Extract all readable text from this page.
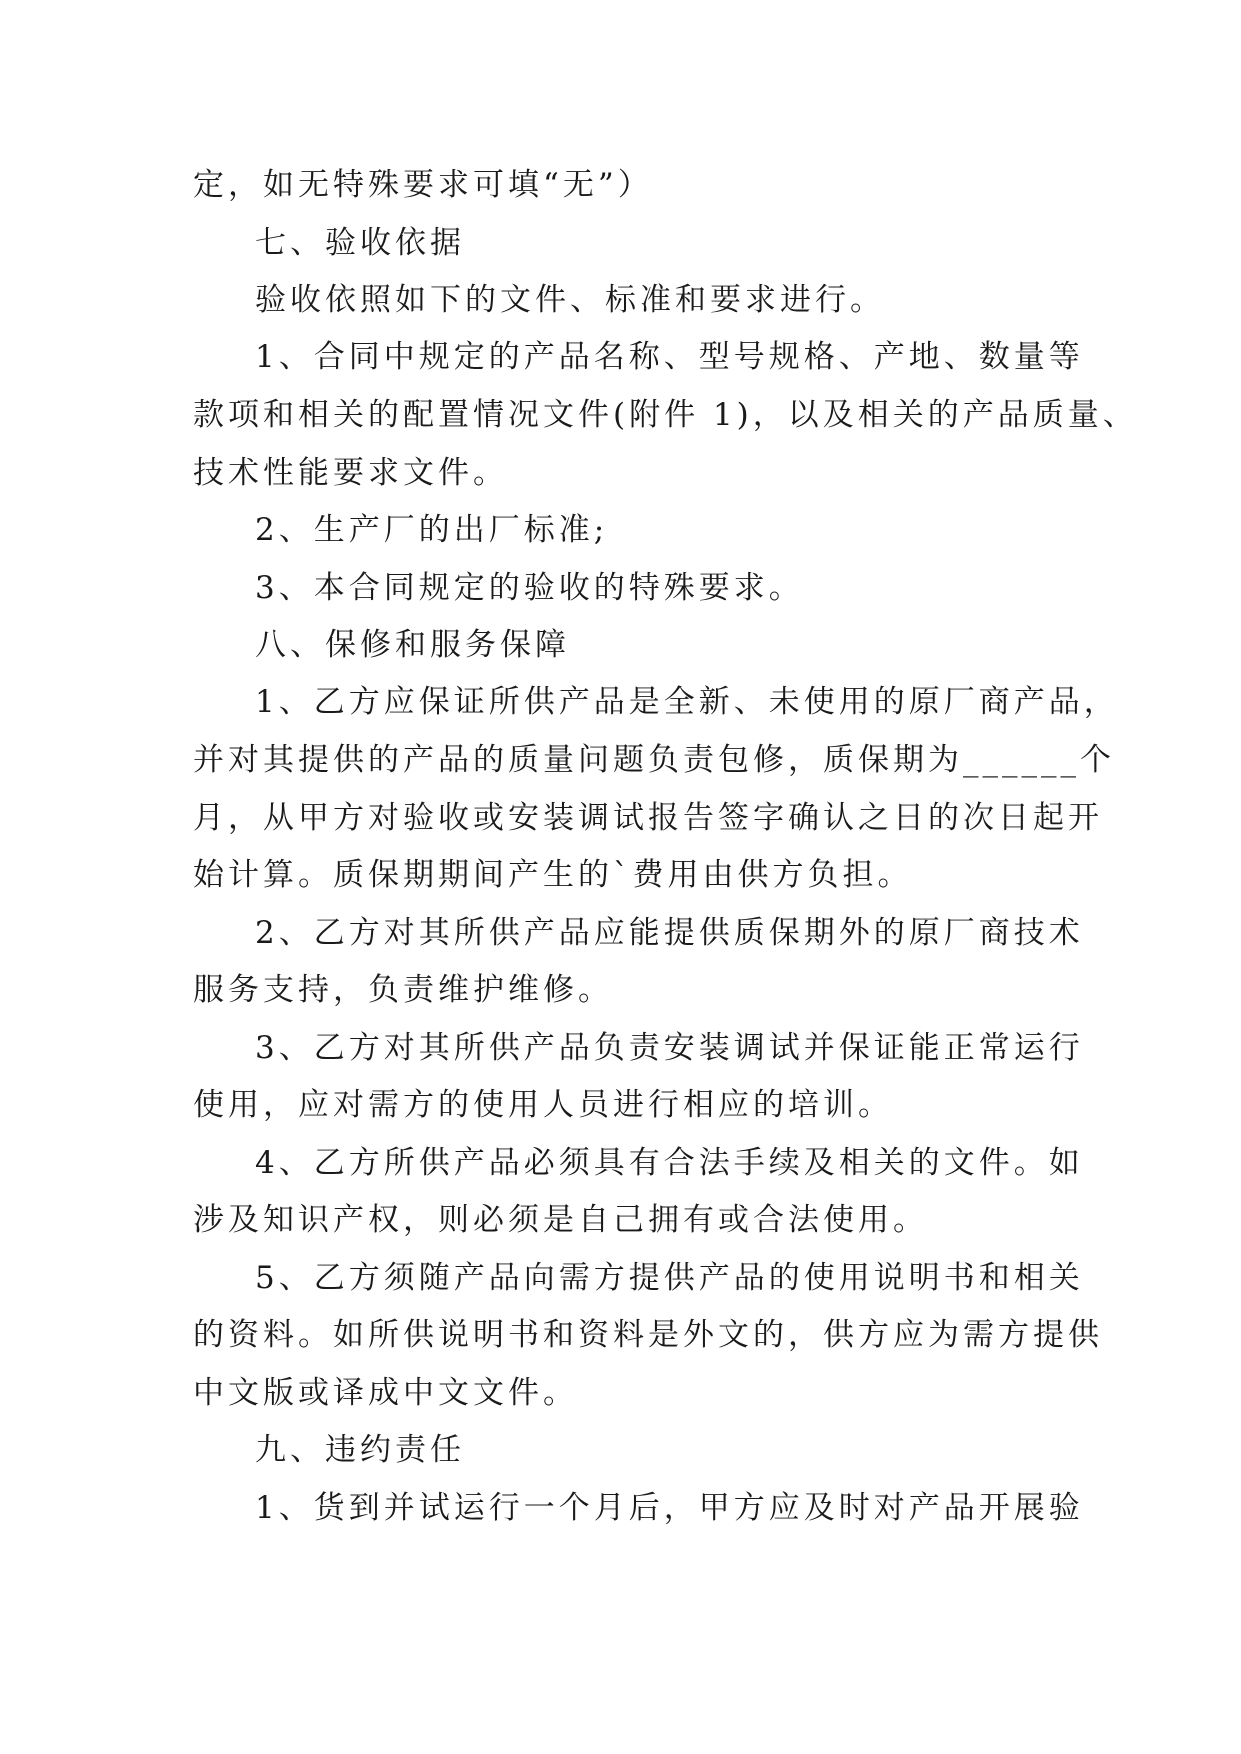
定，如无特殊要求可填“无”）
七、验收依据
验收依照如下的文件、标准和要求进行。
1、合同中规定的产品名称、型号规格、产地、数量等
款项和相关的配置情况文件(附件 1)，以及相关的产品质量、
技术性能要求文件。
2、生产厂的出厂标准;
3、本合同规定的验收的特殊要求。
八、保修和服务保障
1、乙方应保证所供产品是全新、未使用的原厂商产品，
并对其提供的产品的质量问题负责包修，质保期为______个
月，从甲方对验收或安装调试报告签字确认之日的次日起开
始计算。质保期期间产生的`费用由供方负担。
2、乙方对其所供产品应能提供质保期外的原厂商技术
服务支持，负责维护维修。
3、乙方对其所供产品负责安装调试并保证能正常运行
使用，应对需方的使用人员进行相应的培训。
4、乙方所供产品必须具有合法手续及相关的文件。如
涉及知识产权，则必须是自己拥有或合法使用。
5、乙方须随产品向需方提供产品的使用说明书和相关
的资料。如所供说明书和资料是外文的，供方应为需方提供
中文版或译成中文文件。
九、违约责任
1、货到并试运行一个月后，甲方应及时对产品开展验
